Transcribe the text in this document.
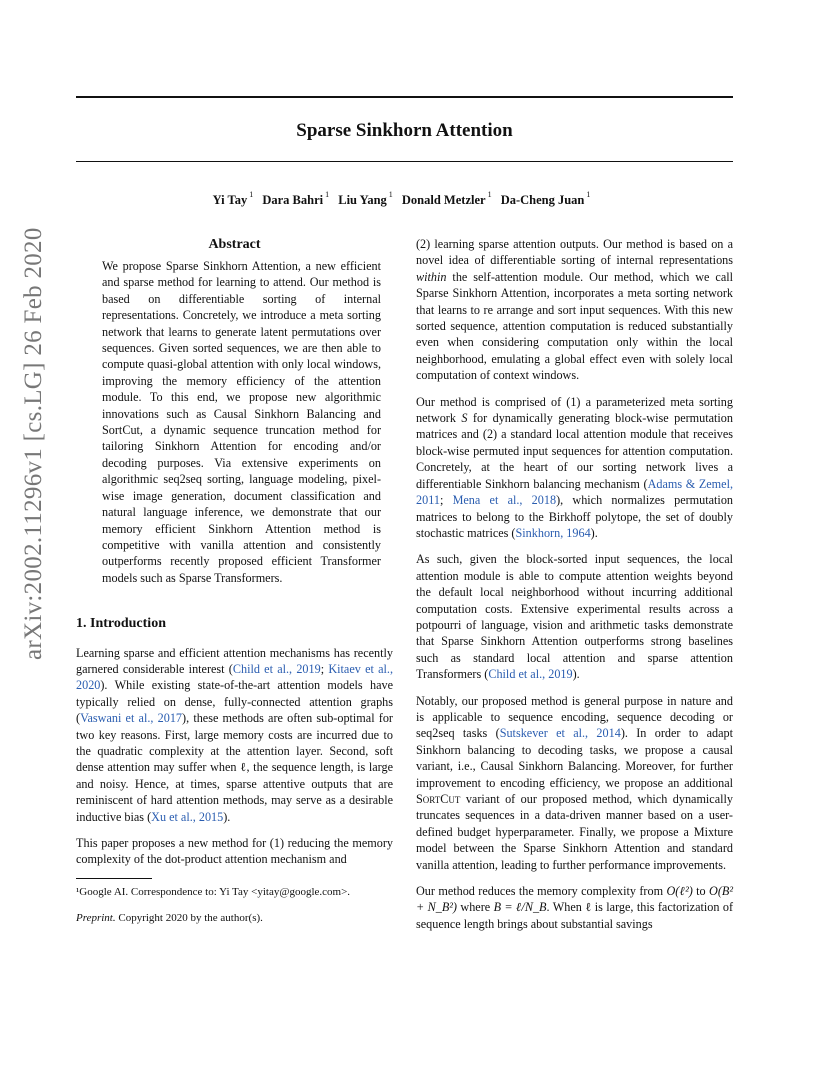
Sparse Sinkhorn Attention
Yi Tay $^1$ Dara Bahri $^1$ Liu Yang $^1$ Donald Metzler $^1$ Da-Cheng Juan $^1$
arXiv:2002.11296v1 [cs.LG] 26 Feb 2020	Abstract
We propose Sparse Sinkhorn Attention, a new efficient and sparse method for learning to attend. Our method is based on differentiable sorting of internal representations. Concretely, we introduce a meta sorting network that learns to generate latent permutations over sequences. Given sorted sequences, we are then able to compute quasi-global attention with only local windows, improving the memory efficiency of the attention module. To this end, we propose new algorithmic innovations such as Causal Sinkhorn Balancing and SortCut, a dynamic sequence truncation method for tailoring Sinkhorn Attention for encoding and/or decoding purposes. Via extensive experiments on algorithmic seq2seq sorting, language modeling, pixel-wise image generation, document classification and natural language inference, we demonstrate that our memory efficient Sinkhorn Attention method is competitive with vanilla attention and consistently outperforms recently proposed efficient Transformer models such as Sparse Transformers.
1. Introduction

Learning sparse and efficient attention mechanisms has recently garnered considerable interest (Child et al., 2019; Kitaev et al., 2020). While existing state-of-the-art attention models have typically relied on dense, fully-connected attention graphs (Vaswani et al., 2017), these methods are often sub-optimal for two key reasons. First, large memory costs are incurred due to the quadratic complexity at the attention layer. Second, soft dense attention may suffer when ℓ, the sequence length, is large and noisy. Hence, at times, sparse attentive outputs that are reminiscent of hard attention methods, may serve as a desirable inductive bias (Xu et al., 2015).

This paper proposes a new method for (1) reducing the memory complexity of the dot-product attention mechanism and

¹Google AI. Correspondence to: Yi Tay <yitay@google.com>.
Preprint. Copyright 2020 by the author(s).

(2) learning sparse attention outputs. Our method is based on a novel idea of differentiable sorting of internal representations within the self-attention module. Our method, which we call Sparse Sinkhorn Attention, incorporates a meta sorting network that learns to re arrange and sort input sequences. With this new sorted sequence, attention computation is reduced substantially even when considering computation only within the local neighborhood, emulating a global effect even with solely local computation of context windows.

Our method is comprised of (1) a parameterized meta sorting network S for dynamically generating block-wise permutation matrices and (2) a standard local attention module that receives block-wise permuted input sequences for attention computation. Concretely, at the heart of our sorting network lives a differentiable Sinkhorn balancing mechanism (Adams & Zemel, 2011; Mena et al., 2018), which normalizes permutation matrices to belong to the Birkhoff polytope, the set of doubly stochastic matrices (Sinkhorn, 1964).

As such, given the block-sorted input sequences, the local attention module is able to compute attention weights beyond the default local neighborhood without incurring additional computation costs. Extensive experimental results across a potpourri of language, vision and arithmetic tasks demonstrate that Sparse Sinkhorn Attention outperforms strong baselines such as standard local attention and sparse attention Transformers (Child et al., 2019).

Notably, our proposed method is general purpose in nature and is applicable to sequence encoding, sequence decoding or seq2seq tasks (Sutskever et al., 2014). In order to adapt Sinkhorn balancing to decoding tasks, we propose a causal variant, i.e., Causal Sinkhorn Balancing. Moreover, for further improvement to encoding efficiency, we propose an additional SortCut variant of our proposed method, which dynamically truncates sequences in a data-driven manner based on a user-defined budget hyperparameter. Finally, we propose a Mixture model between the Sparse Sinkhorn Attention and standard vanilla attention, leading to further performance improvements.

Our method reduces the memory complexity from O(ℓ²) to O(B² + N_B²) where B = ℓ/N_B. When ℓ is large, this factorization of sequence length brings about substantial savings
